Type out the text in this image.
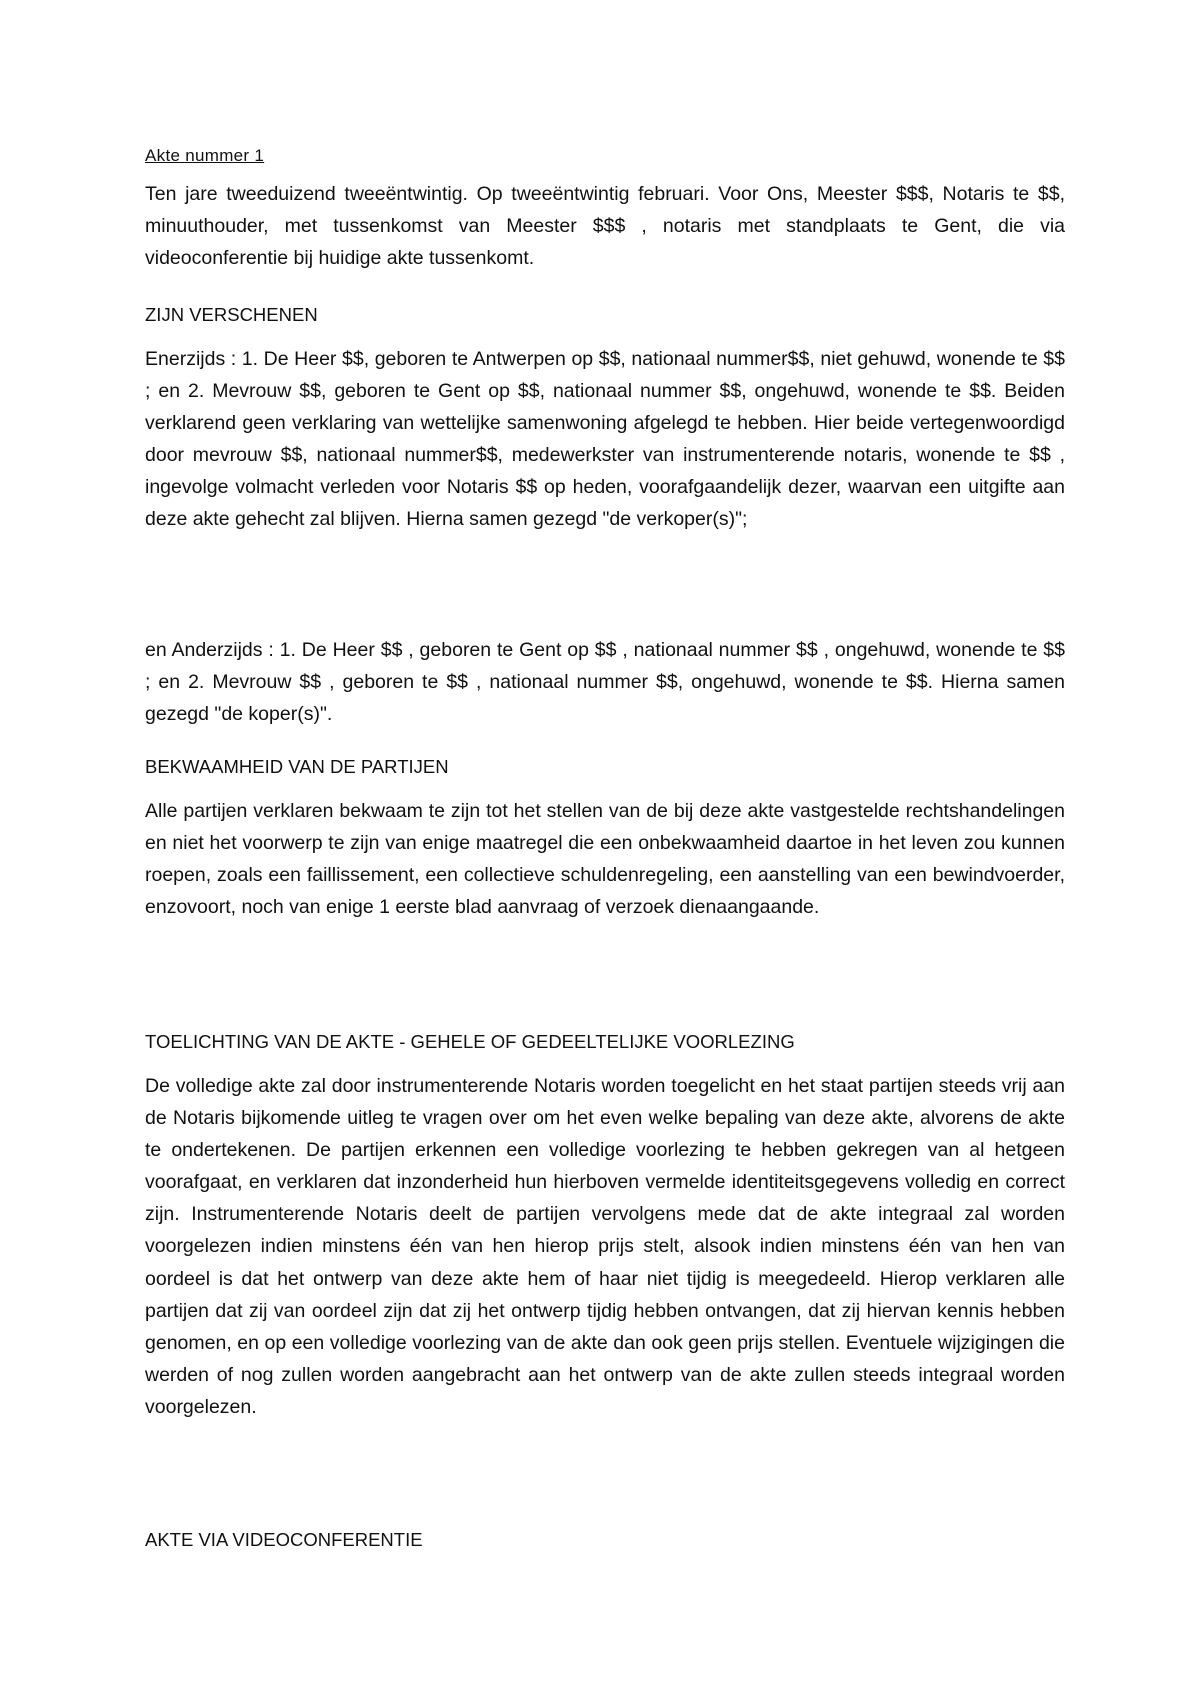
Akte nummer 1

Ten jare tweeduizend tweeëntwintig. Op tweeëntwintig februari. Voor Ons, Meester $$$, Notaris te $$, minuuthouder, met tussenkomst van Meester $$$ , notaris met standplaats te Gent, die via videoconferentie bij huidige akte tussenkomt.

ZIJN VERSCHENEN

Enerzijds : 1. De Heer $$, geboren te Antwerpen op $$, nationaal nummer$$, niet gehuwd, wonende te $$ ; en 2. Mevrouw $$, geboren te Gent op $$, nationaal nummer $$, ongehuwd, wonende te $$. Beiden verklarend geen verklaring van wettelijke samenwoning afgelegd te hebben. Hier beide vertegenwoordigd door mevrouw $$, nationaal nummer$$, medewerkster van instrumenterende notaris, wonende te $$ , ingevolge volmacht verleden voor Notaris $$ op heden, voorafgaandelijk dezer, waarvan een uitgifte aan deze akte gehecht zal blijven. Hierna samen gezegd "de verkoper(s)";

en Anderzijds : 1. De Heer $$ , geboren te Gent op $$ , nationaal nummer $$ , ongehuwd, wonende te $$ ; en 2. Mevrouw $$ , geboren te $$ , nationaal nummer $$, ongehuwd, wonende te $$. Hierna samen gezegd "de koper(s)".

BEKWAAMHEID VAN DE PARTIJEN

Alle partijen verklaren bekwaam te zijn tot het stellen van de bij deze akte vastgestelde rechtshandelingen en niet het voorwerp te zijn van enige maatregel die een onbekwaamheid daartoe in het leven zou kunnen roepen, zoals een faillissement, een collectieve schuldenregeling, een aanstelling van een bewindvoerder, enzovoort, noch van enige 1 eerste blad aanvraag of verzoek dienaangaande.

TOELICHTING VAN DE AKTE - GEHELE OF GEDEELTELIJKE VOORLEZING

De volledige akte zal door instrumenterende Notaris worden toegelicht en het staat partijen steeds vrij aan de Notaris bijkomende uitleg te vragen over om het even welke bepaling van deze akte, alvorens de akte te ondertekenen. De partijen erkennen een volledige voorlezing te hebben gekregen van al hetgeen voorafgaat, en verklaren dat inzonderheid hun hierboven vermelde identiteitsgegevens volledig en correct zijn. Instrumenterende Notaris deelt de partijen vervolgens mede dat de akte integraal zal worden voorgelezen indien minstens één van hen hierop prijs stelt, alsook indien minstens één van hen van oordeel is dat het ontwerp van deze akte hem of haar niet tijdig is meegedeeld. Hierop verklaren alle partijen dat zij van oordeel zijn dat zij het ontwerp tijdig hebben ontvangen, dat zij hiervan kennis hebben genomen, en op een volledige voorlezing van de akte dan ook geen prijs stellen. Eventuele wijzigingen die werden of nog zullen worden aangebracht aan het ontwerp van de akte zullen steeds integraal worden voorgelezen.

AKTE VIA VIDEOCONFERENTIE
